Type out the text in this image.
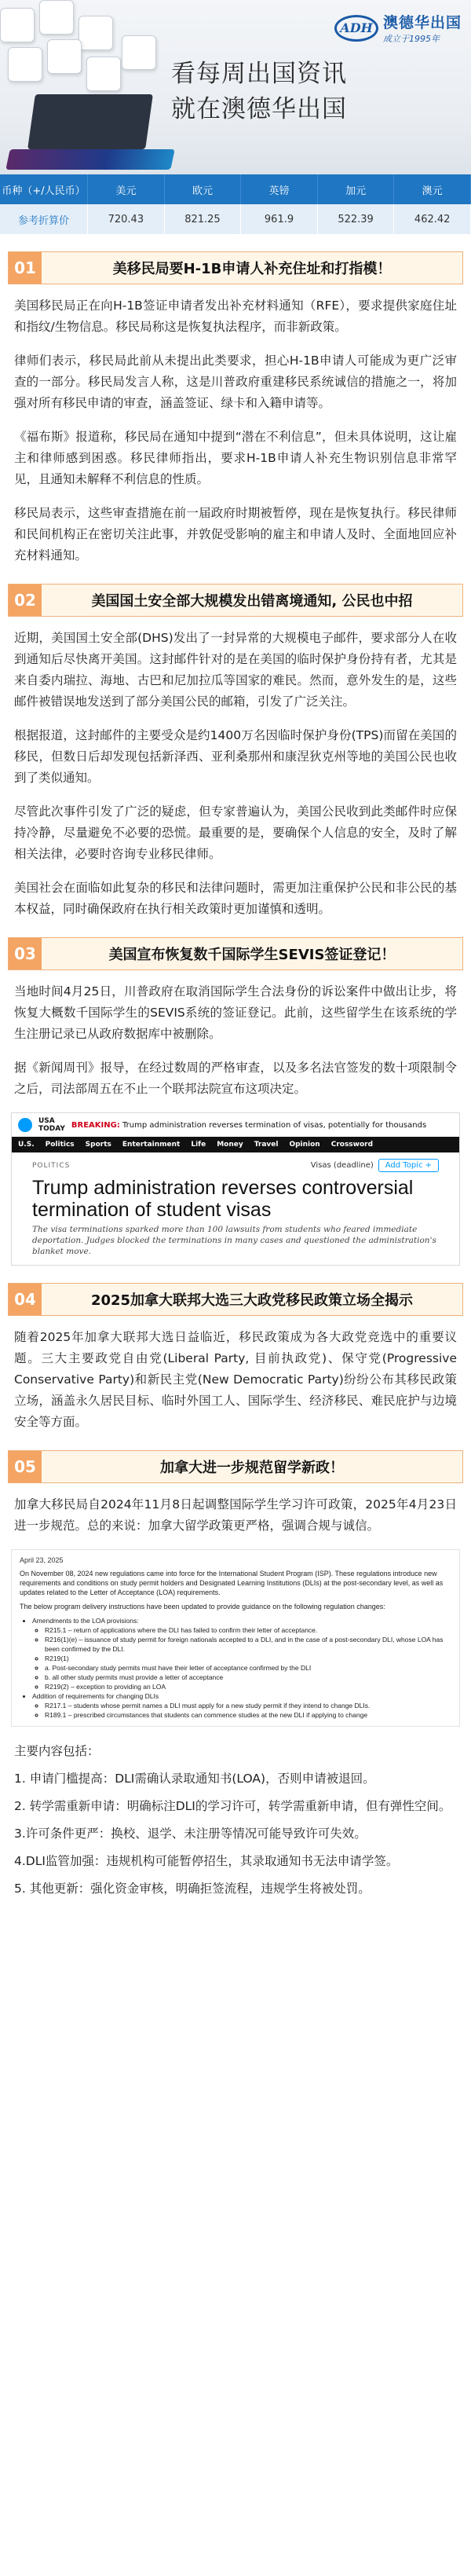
ADH 澳德华出国
成立于1995年
看每周出国资讯
就在澳德华出国
币种（+/人民币）	美元	欧元	英镑	加元	澳元
参考折算价	720.43	821.25	961.9	522.39	462.42
01	美移民局要H-1B申请人补充住址和打指模！

美国移民局正在向H-1B签证申请者发出补充材料通知（RFE），要求提供家庭住址和指纹/生物信息。移民局称这是恢复执法程序，而非新政策。

律师们表示，移民局此前从未提出此类要求，担心H-1B申请人可能成为更广泛审查的一部分。移民局发言人称，这是川普政府重建移民系统诚信的措施之一，将加强对所有移民申请的审查，涵盖签证、绿卡和入籍申请等。

《福布斯》报道称，移民局在通知中提到“潜在不利信息”，但未具体说明，这让雇主和律师感到困惑。移民律师指出，要求H-1B申请人补充生物识别信息非常罕见，且通知未解释不利信息的性质。

移民局表示，这些审查措施在前一届政府时期被暂停，现在是恢复执行。移民律师和民间机构正在密切关注此事，并敦促受影响的雇主和申请人及时、全面地回应补充材料通知。

02	美国国土安全部大规模发出错离境通知, 公民也中招

近期，美国国土安全部(DHS)发出了一封异常的大规模电子邮件，要求部分人在收到通知后尽快离开美国。这封邮件针对的是在美国的临时保护身份持有者，尤其是来自委内瑞拉、海地、古巴和尼加拉瓜等国家的难民。然而，意外发生的是，这些邮件被错误地发送到了部分美国公民的邮箱，引发了广泛关注。

根据报道，这封邮件的主要受众是约1400万名因临时保护身份(TPS)而留在美国的移民，但数日后却发现包括新泽西、亚利桑那州和康涅狄克州等地的美国公民也收到了类似通知。

尽管此次事件引发了广泛的疑虑，但专家普遍认为，美国公民收到此类邮件时应保持冷静，尽量避免不必要的恐慌。最重要的是，要确保个人信息的安全，及时了解相关法律，必要时咨询专业移民律师。

美国社会在面临如此复杂的移民和法律问题时，需更加注重保护公民和非公民的基本权益，同时确保政府在执行相关政策时更加谨慎和透明。

03	美国宣布恢复数千国际学生SEVIS签证登记！

当地时间4月25日，川普政府在取消国际学生合法身份的诉讼案件中做出让步，将恢复大概数千国际学生的SEVIS系统的签证登记。此前，这些留学生在该系统的学生注册记录已从政府数据库中被删除。

据《新闻周刊》报导，在经过数周的严格审查，以及多名法官签发的数十项限制令之后，司法部周五在不止一个联邦法院宣布这项决定。

USA
TODAY BREAKING: Trump administration reverses termination of visas, potentially for thousands
U.S. Politics Sports Entertainment Life Money Travel Opinion Crossword
POLITICS	Visas (deadline)	Add Topic +
Trump administration reverses controversial termination of student visas
The visa terminations sparked more than 100 lawsuits from students who feared immediate deportation. Judges blocked the terminations in many cases and questioned the administration's blanket move.
04	2025加拿大联邦大选三大政党移民政策立场全揭示

随着2025年加拿大联邦大选日益临近，移民政策成为各大政党竞选中的重要议题。三大主要政党自由党(Liberal Party, 目前执政党)、保守党(Progressive Conservative Party)和新民主党(New Democratic Party)纷纷公布其移民政策立场，涵盖永久居民目标、临时外国工人、国际学生、经济移民、难民庇护与边境安全等方面。

05	加拿大进一步规范留学新政！

加拿大移民局自2024年11月8日起调整国际学生学习许可政策，2025年4月23日进一步规范。总的来说：加拿大留学政策更严格，强调合规与诚信。

April 23, 2025

On November 08, 2024 new regulations came into force for the International Student Program (ISP). These regulations introduce new requirements and conditions on study permit holders and Designated Learning Institutions (DLIs) at the post-secondary level, as well as updates related to the Letter of Acceptance (LOA) requirements.

The below program delivery instructions have been updated to provide guidance on the following regulation changes:

• Amendments to the LOA provisions:
◦ R215.1 – return of applications where the DLI has failed to confirm their letter of acceptance.
◦ R216(1)(e) – issuance of study permit for foreign nationals accepted to a DLI, and in the case of a post-secondary DLI, whose LOA has been confirmed by the DLI.
◦ R219(1)
◦ a. Post-secondary study permits must have their letter of acceptance confirmed by the DLI
◦ b. all other study permits must provide a letter of acceptance
◦ R219(2) – exception to providing an LOA
• Addition of requirements for changing DLIs
◦ R217.1 – students whose permit names a DLI must apply for a new study permit if they intend to change DLIs.
◦ R189.1 – prescribed circumstances that students can commence studies at the new DLI if applying to change
主要内容包括：

1. 申请门槛提高：DLI需确认录取通知书(LOA)，否则申请被退回。

2. 转学需重新申请：明确标注DLI的学习许可，转学需重新申请，但有弹性空间。

3.许可条件更严：换校、退学、未注册等情况可能导致许可失效。

4.DLI监管加强：违规机构可能暂停招生，其录取通知书无法申请学签。

5. 其他更新：强化资金审核，明确拒签流程，违规学生将被处罚。
